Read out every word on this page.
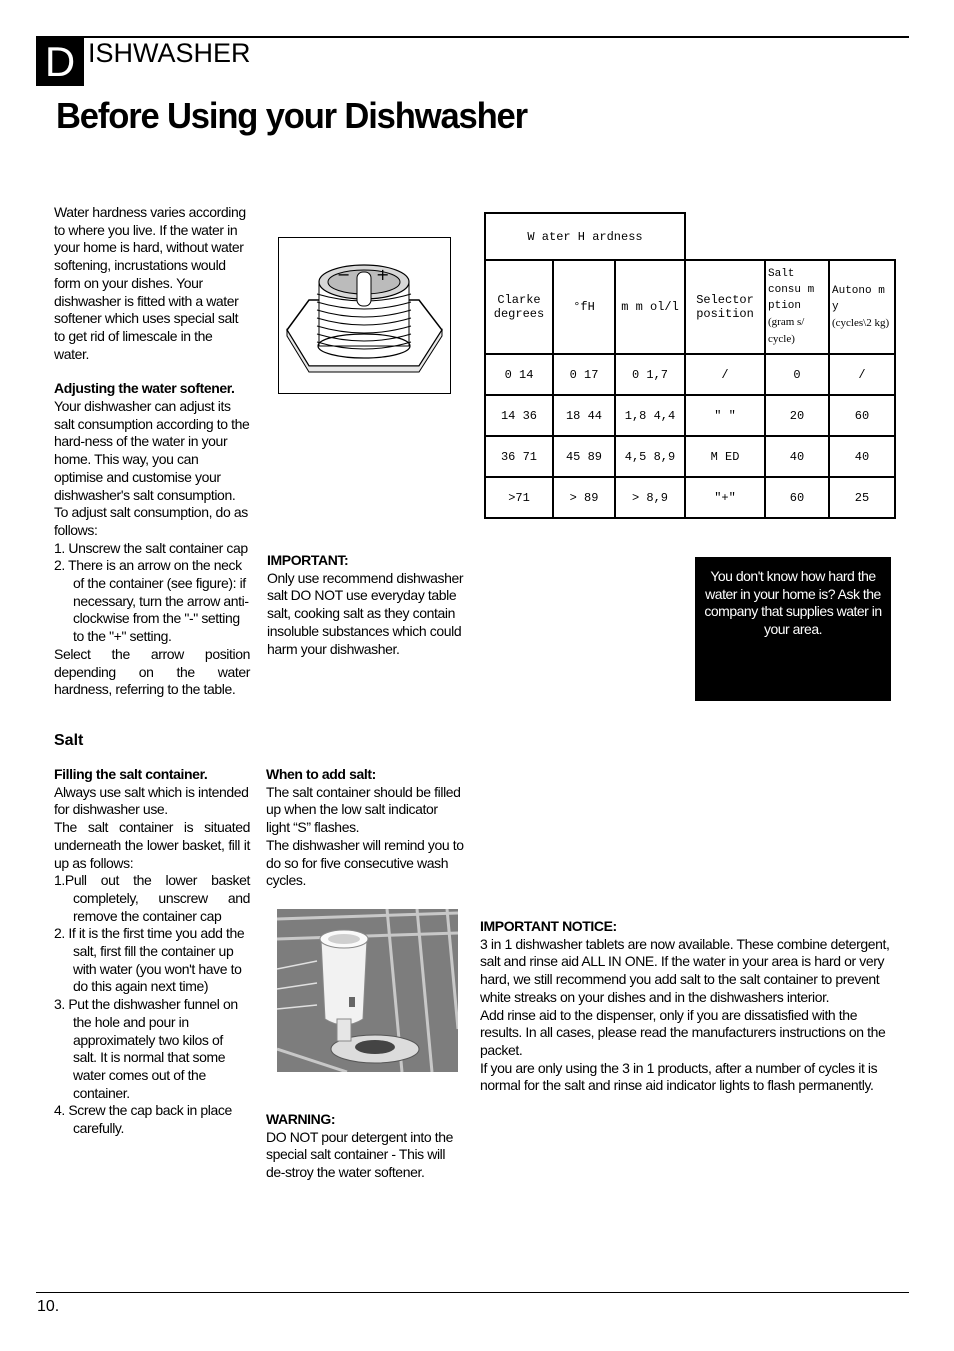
D ISHWASHER
Before Using your Dishwasher

Water hardness varies according to where you live. If the water in your home is hard, without water softening, incrustations would form on your dishes. Your dishwasher is fitted with a water softener which uses special salt to get rid of limescale in the water.

Adjusting the water softener.

Your dishwasher can adjust its salt consumption according to the hard-ness of the water in your home. This way, you can optimise and customise your dishwasher's salt consumption.

To adjust salt consumption, do as follows:

1. Unscrew the salt container cap

2. There is an arrow on the neck of the container (see figure): if necessary, turn the arrow anti-clockwise from the "-" setting to the "+" setting.

Select the arrow position depending on the water hardness, referring to the table.

− +

IMPORTANT:

Only use recommend dishwasher salt DO NOT use everyday table salt, cooking salt as they contain insoluble substances which could harm your dishwasher.

W ater H ardness					
Clarke degrees	°fH	m m ol/l	Selector position	Salt consu m ption
(gram s/ cycle)	Autono m y
(cycles\2 kg)
0 14	0 17	0 1,7	/	0	/
14 36	18 44	1,8 4,4	" "	20	60
36 71	45 89	4,5 8,9	M ED	40	40
>71	> 89	> 8,9	"+"	60	25
You don't know how hard the water in your home is? Ask the company that supplies water in your area.
Salt

Filling the salt container.

Always use salt which is intended for dishwasher use.

The salt container is situated underneath the lower basket, fill it up as follows:

1.Pull out the lower basket completely, unscrew and remove the container cap

2. If it is the first time you add the salt, first fill the container up with water (you won't have to do this again next time)

3. Put the dishwasher funnel on the hole and pour in approximately two kilos of salt. It is normal that some water comes out of the container.

4. Screw the cap back in place carefully.

When to add salt:

The salt container should be filled up when the low salt indicator light “S” flashes.

The dishwasher will remind you to do so for five consecutive wash cycles.

WARNING:

DO NOT pour detergent into the special salt container - This will de-stroy the water softener.

IMPORTANT NOTICE:

3 in 1 dishwasher tablets are now available. These combine detergent, salt and rinse aid ALL IN ONE. If the water in your area is hard or very hard, we still recommend you add salt to the salt container to prevent white streaks on your dishes and in the dishwashers interior.

Add rinse aid to the dispenser, only if you are dissatisfied with the results. In all cases, please read the manufacturers instructions on the packet.

If you are only using the 3 in 1 products, after a number of cycles it is normal for the salt and rinse aid indicator lights to flash permanently.

10.
